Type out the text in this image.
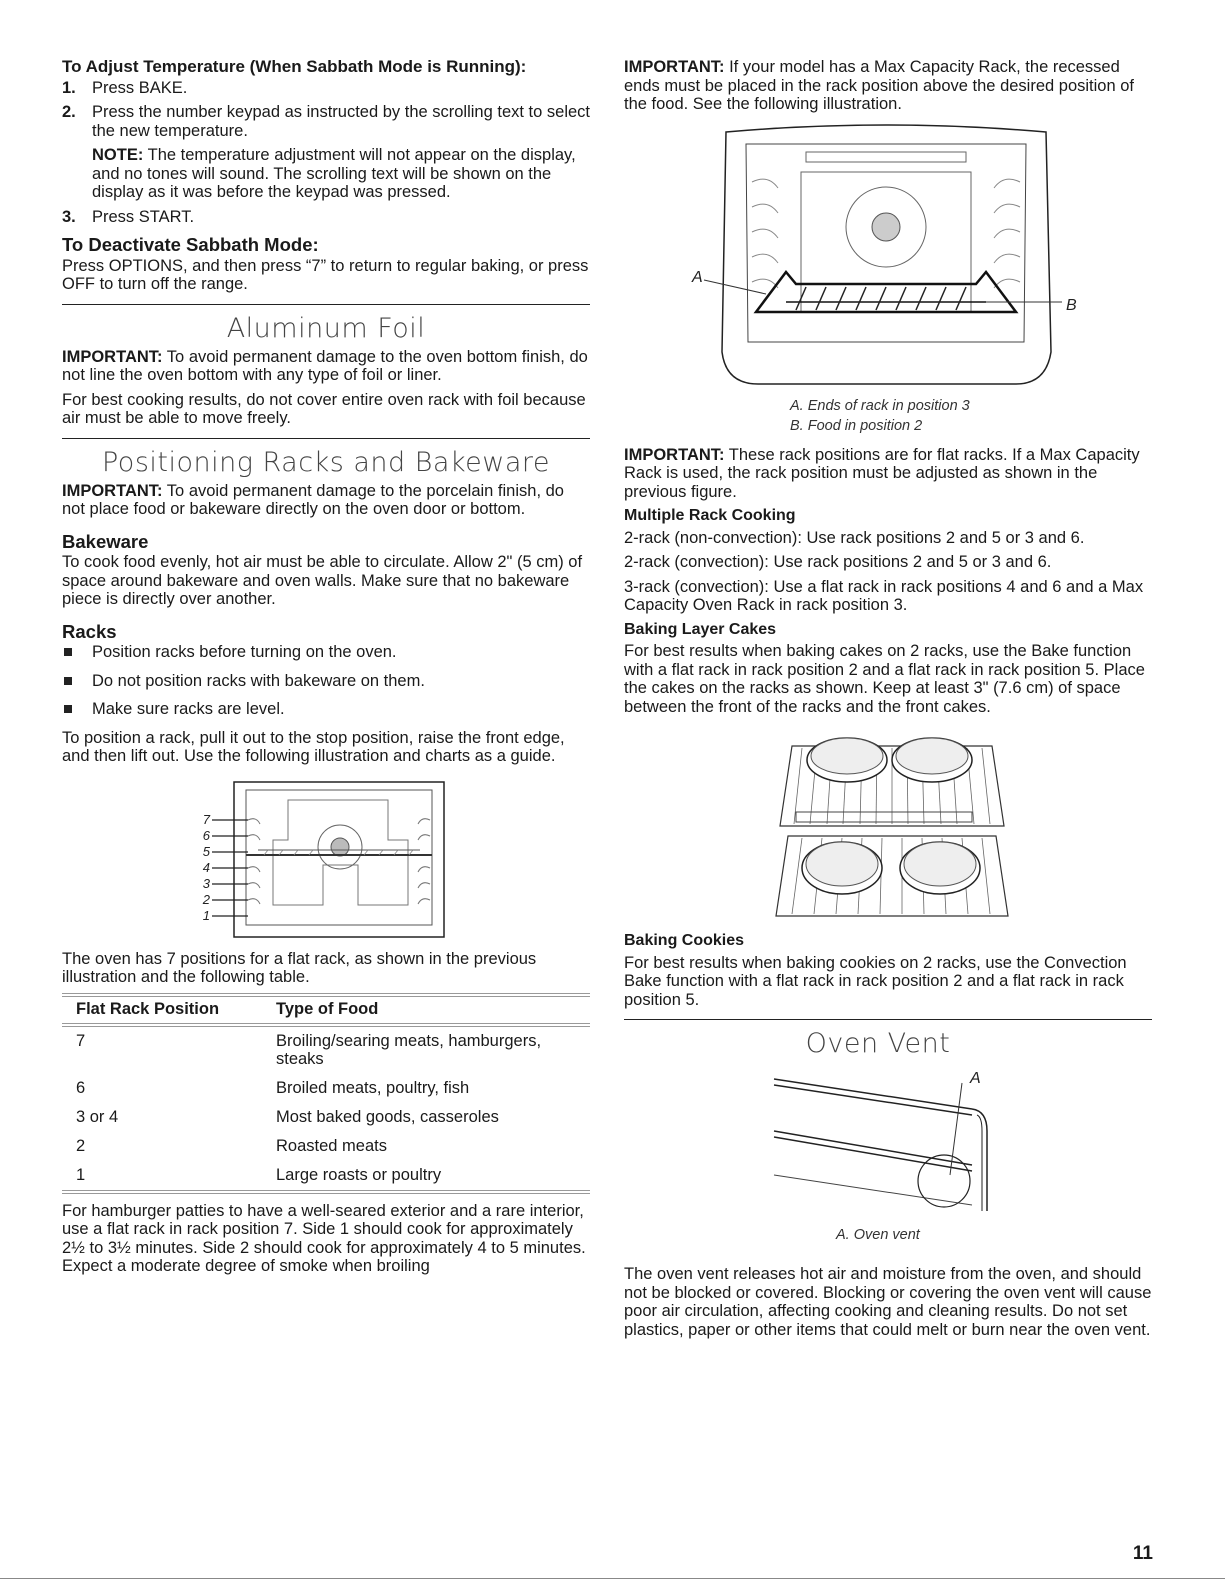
To Adjust Temperature (When Sabbath Mode is Running):

1. Press BAKE.
2. Press the number keypad as instructed by the scrolling text to select the new temperature.

NOTE: The temperature adjustment will not appear on the display, and no tones will sound. The scrolling text will be shown on the display as it was before the keypad was pressed.

3. Press START.

To Deactivate Sabbath Mode:

Press OPTIONS, and then press “7” to return to regular baking, or press OFF to turn off the range.

Aluminum Foil

IMPORTANT: To avoid permanent damage to the oven bottom finish, do not line the oven bottom with any type of foil or liner.

For best cooking results, do not cover entire oven rack with foil because air must be able to move freely.

Positioning Racks and Bakeware

IMPORTANT: To avoid permanent damage to the porcelain finish, do not place food or bakeware directly on the oven door or bottom.

Bakeware

To cook food evenly, hot air must be able to circulate. Allow 2" (5 cm) of space around bakeware and oven walls. Make sure that no bakeware piece is directly over another.

Racks

Position racks before turning on the oven.
Do not position racks with bakeware on them.
Make sure racks are level.

To position a rack, pull it out to the stop position, raise the front edge, and then lift out. Use the following illustration and charts as a guide.

7
6
5
4
3
2
1

The oven has 7 positions for a flat rack, as shown in the previous illustration and the following table.

Flat Rack Position	Type of Food
7	Broiling/searing meats, hamburgers, steaks
6	Broiled meats, poultry, fish
3 or 4	Most baked goods, casseroles
2	Roasted meats
1	Large roasts or poultry

For hamburger patties to have a well-seared exterior and a rare interior, use a flat rack in rack position 7. Side 1 should cook for approximately 2½ to 3½ minutes. Side 2 should cook for approximately 4 to 5 minutes. Expect a moderate degree of smoke when broiling

IMPORTANT: If your model has a Max Capacity Rack, the recessed ends must be placed in the rack position above the desired position of the food. See the following illustration.

A
B
A. Ends of rack in position 3
B. Food in position 2

IMPORTANT: These rack positions are for flat racks. If a Max Capacity Rack is used, the rack position must be adjusted as shown in the previous figure.

Multiple Rack Cooking

2-rack (non-convection): Use rack positions 2 and 5 or 3 and 6.

2-rack (convection): Use rack positions 2 and 5 or 3 and 6.

3-rack (convection): Use a flat rack in rack positions 4 and 6 and a Max Capacity Oven Rack in rack position 3.

Baking Layer Cakes

For best results when baking cakes on 2 racks, use the Bake function with a flat rack in rack position 2 and a flat rack in rack position 5. Place the cakes on the racks as shown. Keep at least 3" (7.6 cm) of space between the front of the racks and the front cakes.

Baking Cookies

For best results when baking cookies on 2 racks, use the Convection Bake function with a flat rack in rack position 2 and a flat rack in rack position 5.

Oven Vent
A
A. Oven vent

The oven vent releases hot air and moisture from the oven, and should not be blocked or covered. Blocking or covering the oven vent will cause poor air circulation, affecting cooking and cleaning results. Do not set plastics, paper or other items that could melt or burn near the oven vent.

11
